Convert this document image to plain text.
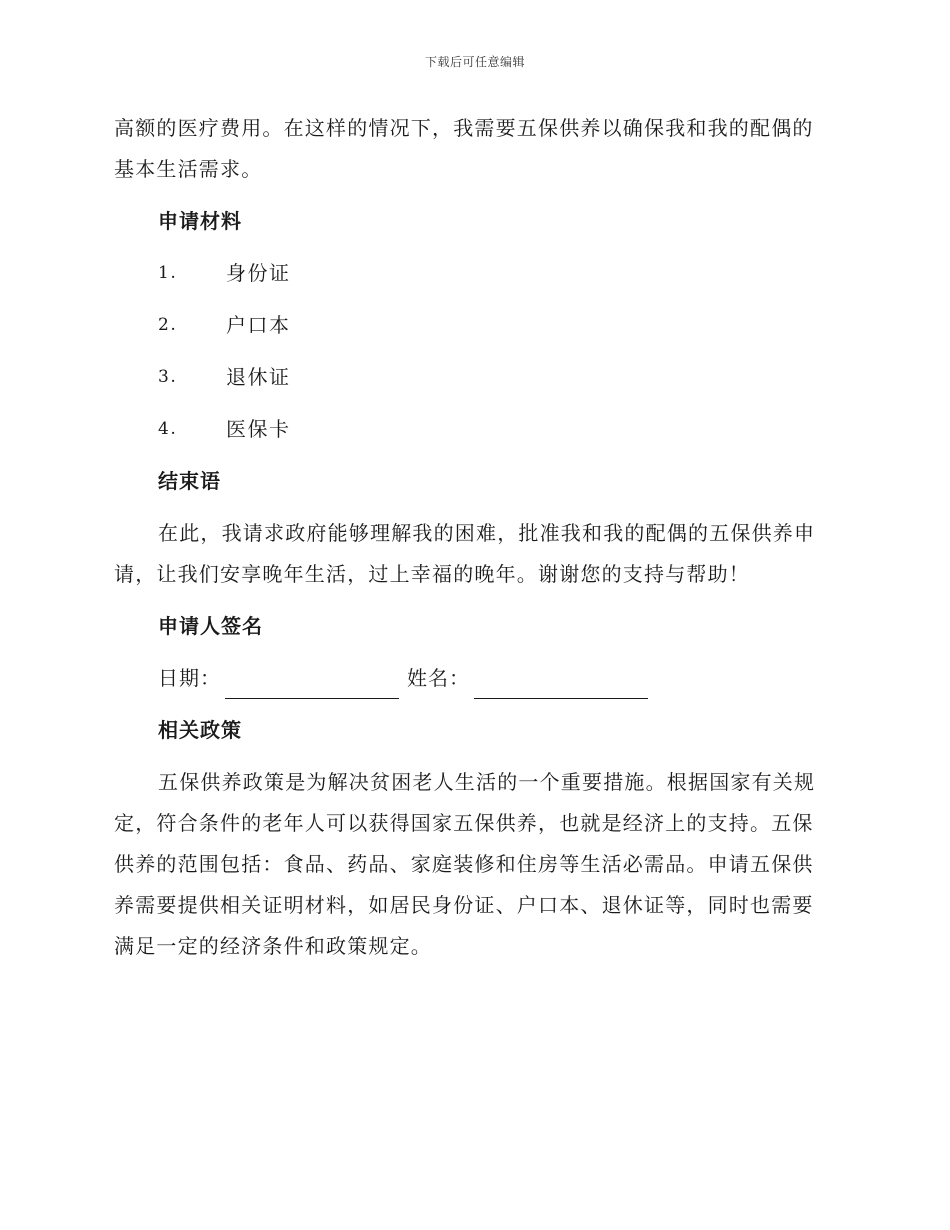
下载后可任意编辑

高额的医疗费用。在这样的情况下，我需要五保供养以确保我和我的配偶的基本生活需求。

申请材料
1.	身份证
2.	户口本
3.	退休证
4.	医保卡
结束语

在此，我请求政府能够理解我的困难，批准我和我的配偶的五保供养申请，让我们安享晚年生活，过上幸福的晚年。谢谢您的支持与帮助！

申请人签名
日期：	姓名：
相关政策

五保供养政策是为解决贫困老人生活的一个重要措施。根据国家有关规定，符合条件的老年人可以获得国家五保供养，也就是经济上的支持。五保供养的范围包括：食品、药品、家庭装修和住房等生活必需品。申请五保供养需要提供相关证明材料，如居民身份证、户口本、退休证等，同时也需要满足一定的经济条件和政策规定。
